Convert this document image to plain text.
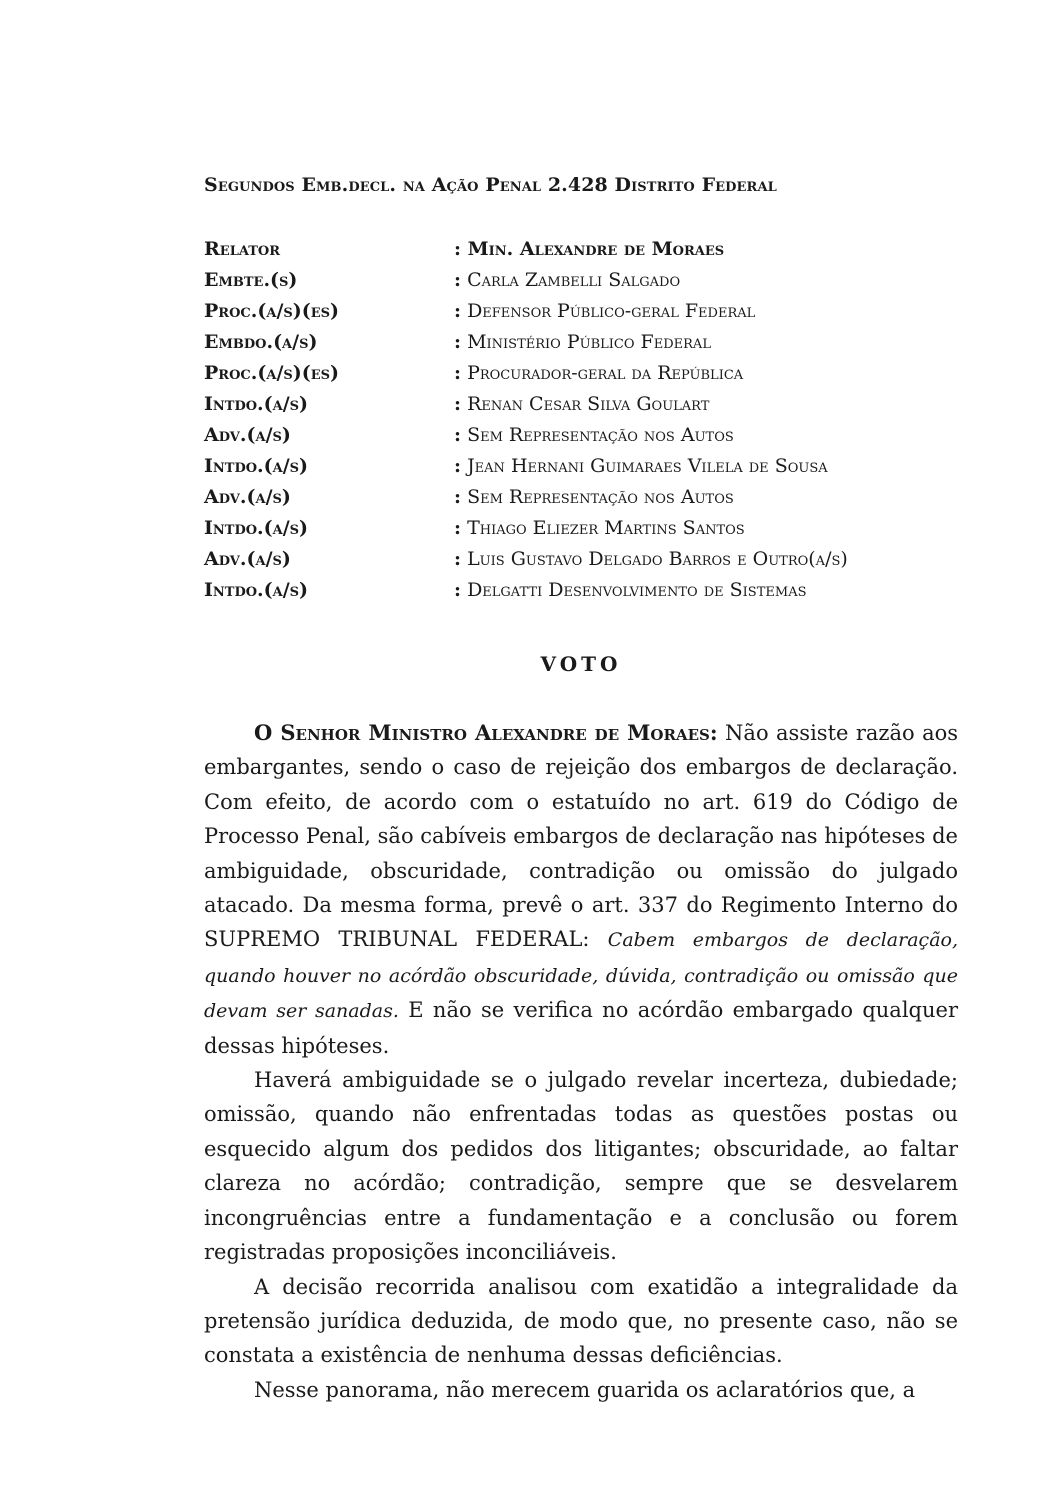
Segundos Emb.decl. na Ação Penal 2.428 Distrito Federal
Relator	: Min. Alexandre de Moraes
Embte.(s)	: Carla Zambelli Salgado
Proc.(a/s)(es)	: Defensor Público-geral Federal
Embdo.(a/s)	: Ministério Público Federal
Proc.(a/s)(es)	: Procurador-geral da República
Intdo.(a/s)	: Renan Cesar Silva Goulart
Adv.(a/s)	: Sem Representação nos Autos
Intdo.(a/s)	: Jean Hernani Guimaraes Vilela de Sousa
Adv.(a/s)	: Sem Representação nos Autos
Intdo.(a/s)	: Thiago Eliezer Martins Santos
Adv.(a/s)	: Luis Gustavo Delgado Barros e Outro(a/s)
Intdo.(a/s)	: Delgatti Desenvolvimento de Sistemas
VOTO

O Senhor Ministro Alexandre de Moraes: Não assiste razão aos embargantes, sendo o caso de rejeição dos embargos de declaração. Com efeito, de acordo com o estatuído no art. 619 do Código de Processo Penal, são cabíveis embargos de declaração nas hipóteses de ambiguidade, obscuridade, contradição ou omissão do julgado atacado. Da mesma forma, prevê o art. 337 do Regimento Interno do SUPREMO TRIBUNAL FEDERAL: Cabem embargos de declaração, quando houver no acórdão obscuridade, dúvida, contradição ou omissão que devam ser sanadas. E não se verifica no acórdão embargado qualquer dessas hipóteses.

Haverá ambiguidade se o julgado revelar incerteza, dubiedade; omissão, quando não enfrentadas todas as questões postas ou esquecido algum dos pedidos dos litigantes; obscuridade, ao faltar clareza no acórdão; contradição, sempre que se desvelarem incongruências entre a fundamentação e a conclusão ou forem registradas proposições inconciliáveis.

A decisão recorrida analisou com exatidão a integralidade da pretensão jurídica deduzida, de modo que, no presente caso, não se constata a existência de nenhuma dessas deficiências.

Nesse panorama, não merecem guarida os aclaratórios que, a
